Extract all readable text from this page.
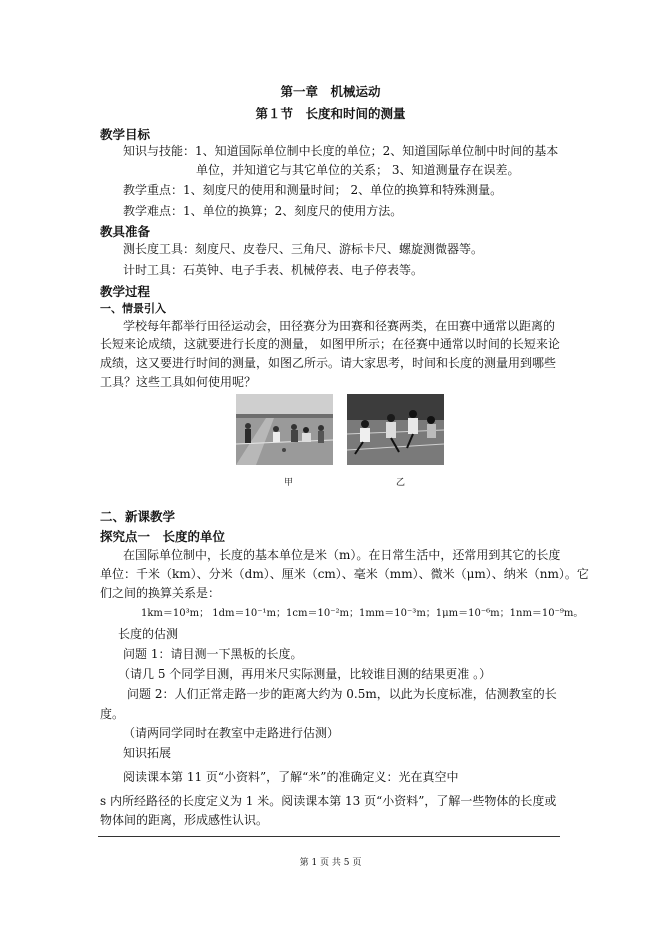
第一章　机械运动
第１节　长度和时间的测量
教学目标
知识与技能：1、知道国际单位制中长度的单位；2、知道国际单位制中时间的基本
单位，并知道它与其它单位的关系； 3、知道测量存在误差。
教学重点：1、刻度尺的使用和测量时间； 2、单位的换算和特殊测量。
教学难点：1、单位的换算；2、刻度尺的使用方法。
教具准备
测长度工具：刻度尺、皮卷尺、三角尺、游标卡尺、螺旋测微器等。
计时工具：石英钟、电子手表、机械停表、电子停表等。
教学过程
一、情景引入
学校每年都举行田径运动会，田径赛分为田赛和径赛两类，在田赛中通常以距离的
长短来论成绩，这就要进行长度的测量， 如图甲所示；在径赛中通常以时间的长短来论
成绩，这又要进行时间的测量，如图乙所示。请大家思考，时间和长度的测量用到哪些
工具？这些工具如何使用呢？
甲	乙
二、新课教学
探究点一　长度的单位
在国际单位制中，长度的基本单位是米（m）。在日常生活中，还常用到其它的长度
单位：千米（km）、分米（dm）、厘米（cm）、毫米（mm）、微米（μm）、纳米（nm）。它
们之间的换算关系是：
1km＝10³m； 1dm＝10⁻¹m；1cm＝10⁻²m；1mm＝10⁻³m；1μm＝10⁻⁶m；1nm＝10⁻⁹m。
长度的估测
问题 1：请目测一下黑板的长度。
（请几 5 个同学目测，再用米尺实际测量，比较谁目测的结果更准 。）
问题 2：人们正常走路一步的距离大约为 0.5m，以此为长度标准，估测教室的长
度。
（请两同学同时在教室中走路进行估测）
知识拓展
阅读课本第 11 页“小资料”，了解“米”的准确定义：光在真空中
s 内所经路径的长度定义为 1 米。阅读课本第 13 页“小资料”，了解一些物体的长度或
物体间的距离，形成感性认识。
第 1 页 共 5 页
